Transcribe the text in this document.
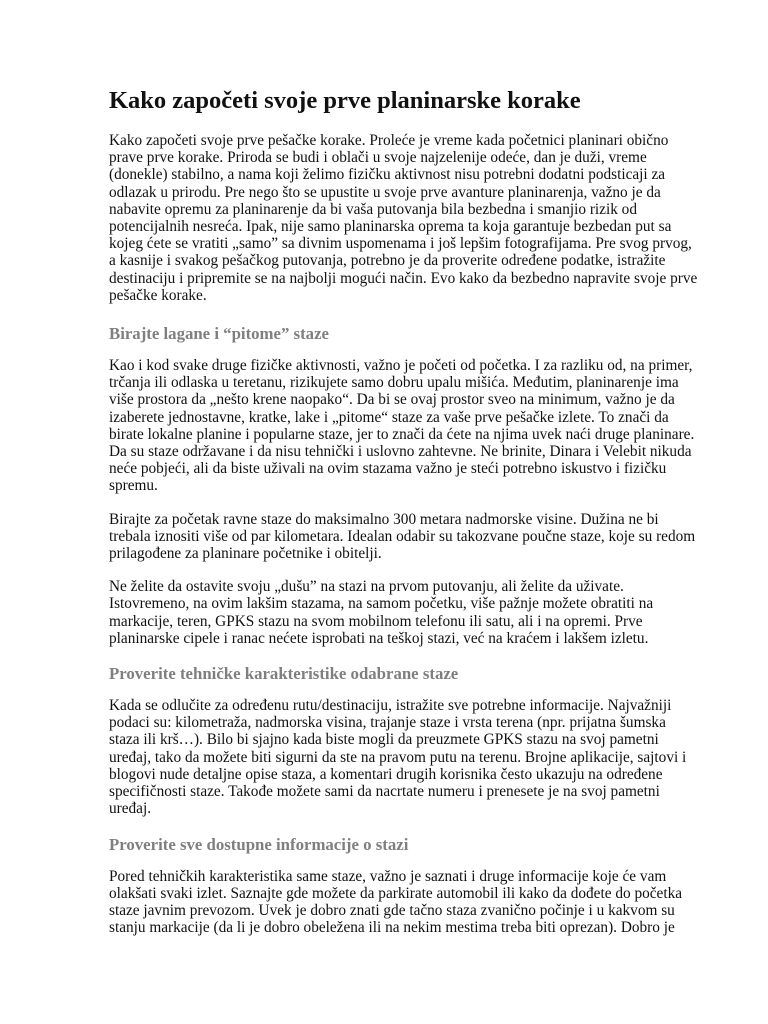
Kako započeti svoje prve planinarske korake

Kako započeti svoje prve pešačke korake. Proleće je vreme kada početnici planinari obično prave prve korake. Priroda se budi i oblači u svoje najzelenije odeće, dan je duži, vreme (donekle) stabilno, a nama koji želimo fizičku aktivnost nisu potrebni dodatni podsticaji za odlazak u prirodu. Pre nego što se upustite u svoje prve avanture planinarenja, važno je da nabavite opremu za planinarenje da bi vaša putovanja bila bezbedna i smanjio rizik od potencijalnih nesreća. Ipak, nije samo planinarska oprema ta koja garantuje bezbedan put sa kojeg ćete se vratiti „samo” sa divnim uspomenama i još lepšim fotografijama. Pre svog prvog, a kasnije i svakog pešačkog putovanja, potrebno je da proverite određene podatke, istražite destinaciju i pripremite se na najbolji mogući način. Evo kako da bezbedno napravite svoje prve pešačke korake.

Birajte lagane i “pitome” staze

Kao i kod svake druge fizičke aktivnosti, važno je početi od početka. I za razliku od, na primer, trčanja ili odlaska u teretanu, rizikujete samo dobru upalu mišića. Međutim, planinarenje ima više prostora da „nešto krene naopako“. Da bi se ovaj prostor sveo na minimum, važno je da izaberete jednostavne, kratke, lake i „pitome“ staze za vaše prve pešačke izlete. To znači da birate lokalne planine i popularne staze, jer to znači da ćete na njima uvek naći druge planinare. Da su staze održavane i da nisu tehnički i uslovno zahtevne. Ne brinite, Dinara i Velebit nikuda neće pobjeći, ali da biste uživali na ovim stazama važno je steći potrebno iskustvo i fizičku spremu.

Birajte za početak ravne staze do maksimalno 300 metara nadmorske visine. Dužina ne bi trebala iznositi više od par kilometara. Idealan odabir su takozvane poučne staze, koje su redom prilagođene za planinare početnike i obitelji.

Ne želite da ostavite svoju „dušu” na stazi na prvom putovanju, ali želite da uživate. Istovremeno, na ovim lakšim stazama, na samom početku, više pažnje možete obratiti na markacije, teren, GPKS stazu na svom mobilnom telefonu ili satu, ali i na opremi. Prve planinarske cipele i ranac nećete isprobati na teškoj stazi, već na kraćem i lakšem izletu.

Proverite tehničke karakteristike odabrane staze

Kada se odlučite za određenu rutu/destinaciju, istražite sve potrebne informacije. Najvažniji podaci su: kilometraža, nadmorska visina, trajanje staze i vrsta terena (npr. prijatna šumska staza ili krš…). Bilo bi sjajno kada biste mogli da preuzmete GPKS stazu na svoj pametni uređaj, tako da možete biti sigurni da ste na pravom putu na terenu. Brojne aplikacije, sajtovi i blogovi nude detaljne opise staza, a komentari drugih korisnika često ukazuju na određene specifičnosti staze. Takođe možete sami da nacrtate numeru i prenesete je na svoj pametni uređaj.

Proverite sve dostupne informacije o stazi

Pored tehničkih karakteristika same staze, važno je saznati i druge informacije koje će vam olakšati svaki izlet. Saznajte gde možete da parkirate automobil ili kako da dođete do početka staze javnim prevozom. Uvek je dobro znati gde tačno staza zvanično počinje i u kakvom su stanju markacije (da li je dobro obeležena ili na nekim mestima treba biti oprezan). Dobro je
